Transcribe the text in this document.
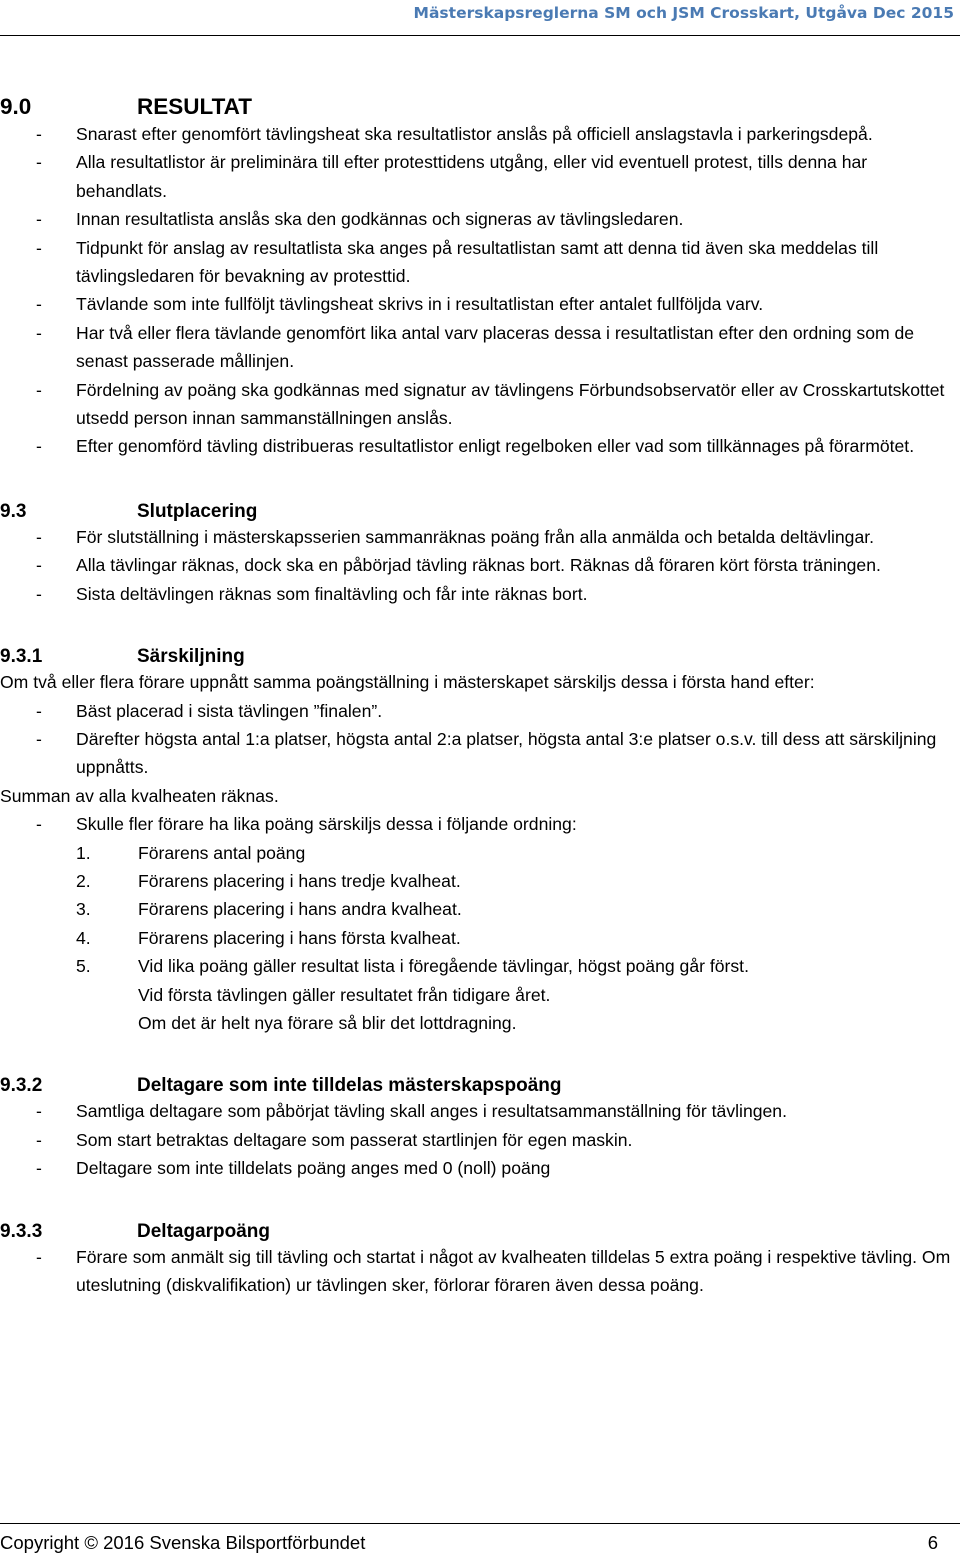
Mästerskapsreglerna SM och JSM Crosskart, Utgåva Dec 2015
9.0	RESULTAT
-	Snarast efter genomfört tävlingsheat ska resultatlistor anslås på officiell anslagstavla i parkeringsdepå.
-	Alla resultatlistor är preliminära till efter protesttidens utgång, eller vid eventuell protest, tills denna har behandlats.
-	Innan resultatlista anslås ska den godkännas och signeras av tävlingsledaren.
-	Tidpunkt för anslag av resultatlista ska anges på resultatlistan samt att denna tid även ska meddelas till tävlingsledaren för bevakning av protesttid.
-	Tävlande som inte fullföljt tävlingsheat skrivs in i resultatlistan efter antalet fullföljda varv.
-	Har två eller flera tävlande genomfört lika antal varv placeras dessa i resultatlistan efter den ordning som de senast passerade mållinjen.
-	Fördelning av poäng ska godkännas med signatur av tävlingens Förbundsobservatör eller av Crosskartutskottet utsedd person innan sammanställningen anslås.
-	Efter genomförd tävling distribueras resultatlistor enligt regelboken eller vad som tillkännages på förarmötet.
9.3	Slutplacering
-	För slutställning i mästerskapsserien sammanräknas poäng från alla anmälda och betalda deltävlingar.
-	Alla tävlingar räknas, dock ska en påbörjad tävling räknas bort. Räknas då föraren kört första träningen.
-	Sista deltävlingen räknas som finaltävling och får inte räknas bort.
9.3.1	Särskiljning
Om två eller flera förare uppnått samma poängställning i mästerskapet särskiljs dessa i första hand efter:
-	Bäst placerad i sista tävlingen ”finalen”.
-	Därefter högsta antal 1:a platser, högsta antal 2:a platser, högsta antal 3:e platser o.s.v. till dess att särskiljning uppnåtts.
Summan av alla kvalheaten räknas.
-	Skulle fler förare ha lika poäng särskiljs dessa i följande ordning:
1.	Förarens antal poäng
2.	Förarens placering i hans tredje kvalheat.
3.	Förarens placering i hans andra kvalheat.
4.	Förarens placering i hans första kvalheat.
5.	Vid lika poäng gäller resultat lista i föregående tävlingar, högst poäng går först.
Vid första tävlingen gäller resultatet från tidigare året.
Om det är helt nya förare så blir det lottdragning.
9.3.2	Deltagare som inte tilldelas mästerskapspoäng
-	Samtliga deltagare som påbörjat tävling skall anges i resultatsammanställning för tävlingen.
-	Som start betraktas deltagare som passerat startlinjen för egen maskin.
-	Deltagare som inte tilldelats poäng anges med 0 (noll) poäng
9.3.3	Deltagarpoäng
-	Förare som anmält sig till tävling och startat i något av kvalheaten tilldelas 5 extra poäng i respektive tävling. Om uteslutning (diskvalifikation) ur tävlingen sker, förlorar föraren även dessa poäng.
Copyright © 2016 Svenska Bilsportförbundet	6
